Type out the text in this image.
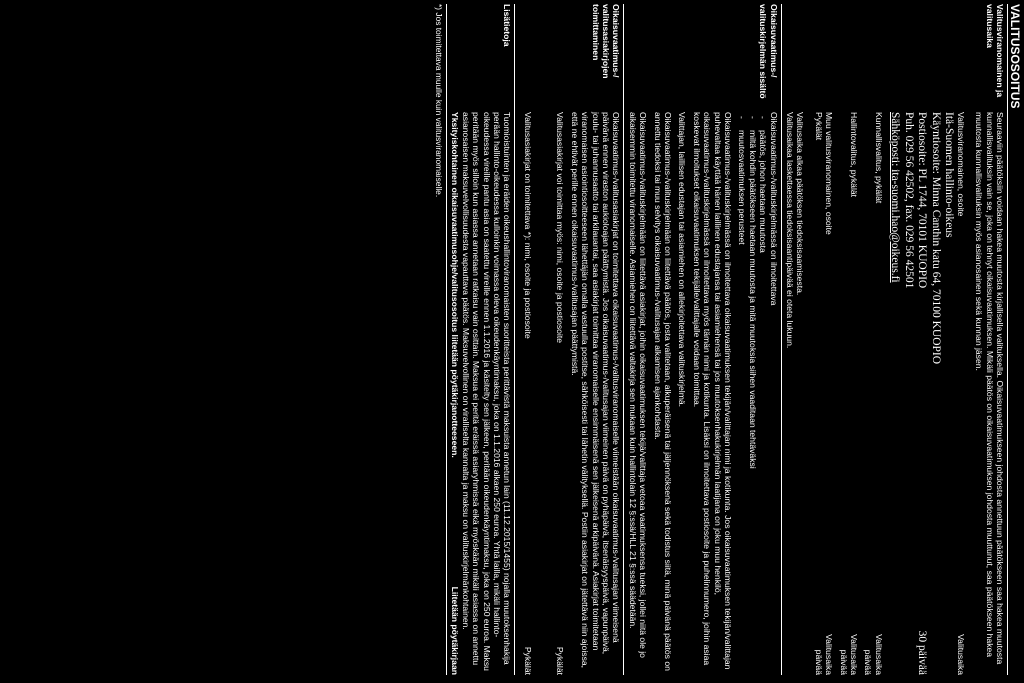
VALITUSOSOITUS
Valitusviranomainen ja valitusaika
Seuraaviin päätöksiin voidaan hakea muutosta kirjallisella valituksella. Oikaisuvaatimukseen johdosta annettuun päätökseen saa hakea muutosta kunnallisvalituksin vain se, joka on tehnyt oikaisuvaatimuksen. Mikäli päätös on oikaisuvaatimuksen johdosta muuttunut, saa päätökseen hakea muutosta kunnallisvalituksin myös asianosainen sekä kunnan jäsen.
Valitusviranomainen, osoite
Valitusaika
Itä-Suomen hallinto-oikeus
Käyntiosoite: Minna Canthin katu 64, 70100 KUOPIO
Postiosoite: PL 1744, 70101 KUOPIO
30 päivää
Puh. 029 56 42502, fax. 029 56 42501
Sähköposti: ita-suomi.hao@oikeus.fi
Kunnallisvalitus, pykälät
Valitusaika
päivää
Hallintovalitus, pykälät
Valitusaika
päivää
Muu valitusviranomainen, osoite
Valitusaika
Pykälät
päivää
Valitusaika alkaa päätöksen tiedoksisaamisesta.
Valitusaikaa laskettaessa tiedoksisaantipäivää ei oteta lukuun.
Oikaisuvaatimus-/ valituskirjelmän sisältö
Oikaisuvaatimus-/valituskirjelmässä on ilmoitettava
- päätös, johon haetaan muutosta
- miltä kohdin päätökseen haetaan muutosta ja mitä muutoksia siihen vaaditaan tehtäväksi
- muutosvaatimuksen perusteet
Oikaisuvaatimus-/valituskirjelmässä on ilmoitettava oikaisuvaatimuksen tekijän/valittajan nimi ja kotikunta. Jos oikaisuvaatimuksen tekijän/valittajan puhevaltaa käyttää hänen laillinen edustajansa tai asiamiehensä tai jos muutoksenhakukirjelmän laatijana on joku muu henkilö, oikaisuvaatimus-/valituskirjelmässä on ilmoitettava myös tämän nimi ja kotikunta. Lisäksi on ilmoitettava postiosoite ja puhelinnumero, joihin asiaa koskevat ilmoitukset oikaisuvaatimuksen tekijälle/valittajalle voidaan toimittaa.
Valittajan, laillisen edustajan tai asiamiehen on allekirjoitettava valituskirjelmä.
Oikaisuvaatimus-/valituskirjelmään on liitettävä päätös, josta valitetaan, alkuperäisenä tai jäljennöksenä sekä todistus siitä, minä päivänä päätös on annettu tiedoksi tai muu selvitys oikaisuvaatimus-/valitusajan alkamisen ajankohdasta.
Oikaisuvaatimus-/valituskirjelmään on liitettävä asiakirjat, joihin oikaisuvaatimuksen tekijä/valittaja vetoaa vaatimuksensa tueksi, jollei niitä ole jo aikaisemmin toimitettu viranomaiselle. Asiamiehen on liitettävä valtakirja sen mukaan kuin hallintolain 12 §:ssä/HLL 21 §:ssä säädetään.
Oikaisuvaatimus-/ valitusasiakirjojen toimittaminen
Oikaisuvaatimus-/valitusasiakirjat on toimitettava oikaisuvaatimus-/valitusviranomaiselle viimeistään oikaisuvaatimus-/valitusajan viimeisenä päivänä ennen viraston aukioloajan päättymistä. Jos oikaisuvaatimus-/valitusajan viimeinen päivä on pyhäpäivä, itsenäisyyspäivä, vapunpäivä, joulu- tai juhannusaatto tai arkilauantai, saa asiakirjat toimittaa viranomaiselle ensimmäisenä sen jälkeisenä arkipäivänä. Asiakirjat toimitetaan viranomaisen asiointiosoitteeseen lähettäjän omalla vastuulla postitse, sähköisesti tai lähetin välityksellä. Postiin asiakirjat on jätettävä niin ajoissa, että ne ehtivät perille ennen oikaisuvaatimus-/valitusajan päättymistä.
Valitusasiakirjat voi toimittaa myös: nimi, osoite ja postiosoite
Pykälät
Valitusasiakirjat on toimitettava *): nimi, osoite ja postiosoite
Pykälät
Lisätietoja
Tuomioistuinten ja eräiden oikeushallintoviranomaisten suoritteista perittävistä maksuista annetun lain (11.12.2015/1455) nojalla muutoksenhakija perään hallinto-oikeudessa kulloinkin voimassa oleva oikeudenkäyntimaksu, joka on 1.1.2016 alkaen 250 euroa. Yhtä lailla, mikäli hallinto-oikeudessa vireille pantu asia on saatettu vireille ennen 1.1.2016 ja käsitelty sen jälkeen, peritään oikeudenkäyntimaksu, joka on 250 euroa. Maksu peritään myös silloin kun asiassa annetaan ratkaisu vain osittain. Maksua ei peritä eräissä asiaryhmissä eikä myöskään mikäli asiassa on annettu asianosaisen maksuvelvollisuudesta vapauttava päätös. Maksuvelvollinen on viralliselta kannalta ja maksu on valituskirjelmänkohtainen.
Yksityiskohtainen oikaisuvaatimusohje/valitusosoitus liitetään pöytäkirjanotteeseen.
Liitetään pöytäkirjaan
*) Jos toimitettava muulle kuin valitusviranomaiselle.
